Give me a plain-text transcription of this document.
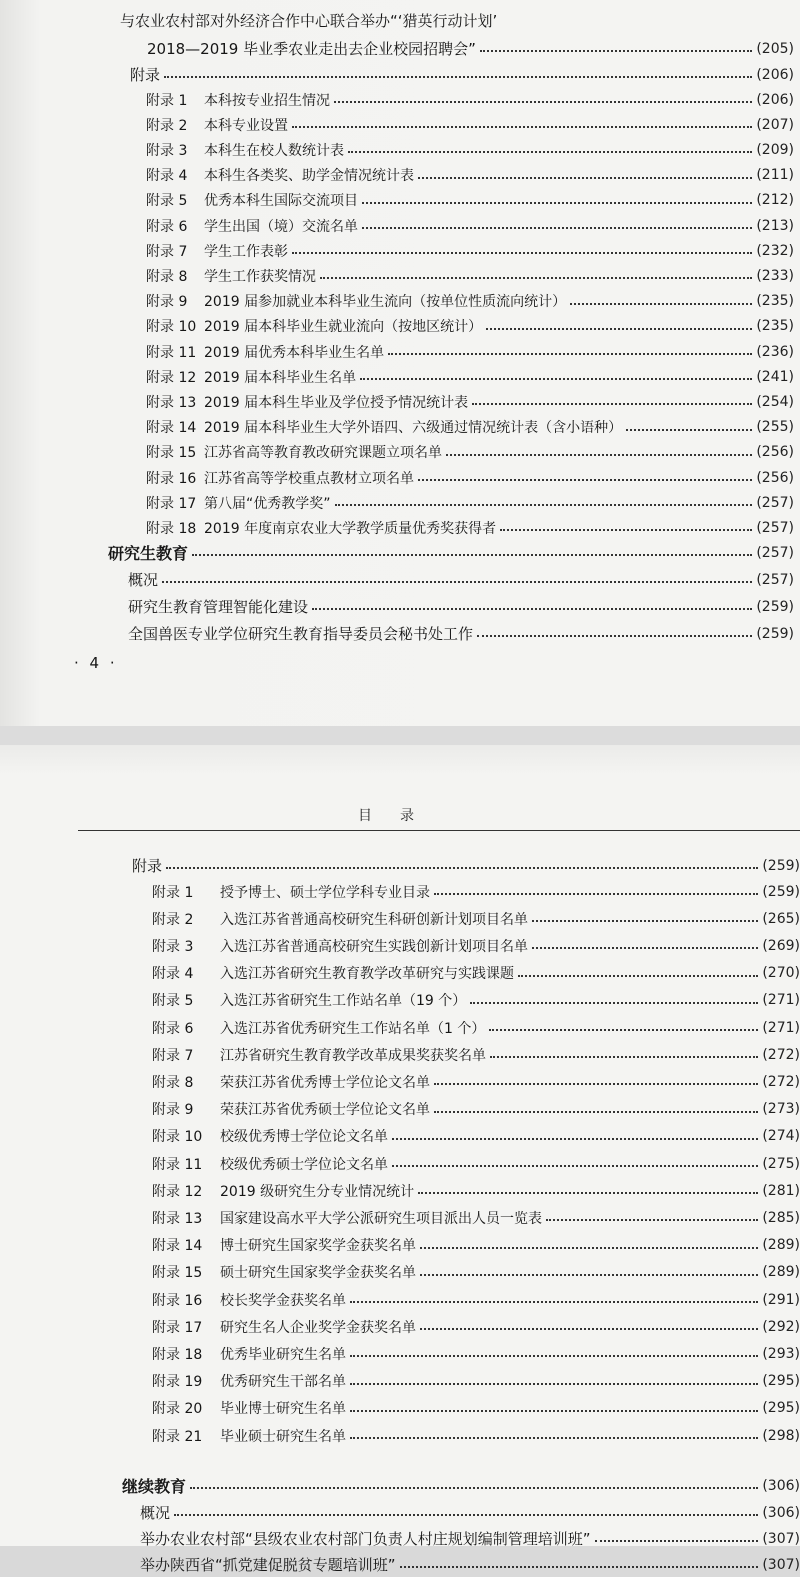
与农业农村部对外经济合作中心联合举办“‘猎英行动计划’
2018—2019 毕业季农业走出去企业校园招聘会”	(205)
附录	(206)
附录 1	本科按专业招生情况	(206)
附录 2	本科专业设置	(207)
附录 3	本科生在校人数统计表	(209)
附录 4	本科生各类奖、助学金情况统计表	(211)
附录 5	优秀本科生国际交流项目	(212)
附录 6	学生出国（境）交流名单	(213)
附录 7	学生工作表彰	(232)
附录 8	学生工作获奖情况	(233)
附录 9	2019 届参加就业本科毕业生流向（按单位性质流向统计）	(235)
附录 10 2019 届本科毕业生就业流向（按地区统计）	(235)
附录 11 2019 届优秀本科毕业生名单	(236)
附录 12 2019 届本科毕业生名单	(241)
附录 13 2019 届本科生毕业及学位授予情况统计表	(254)
附录 14 2019 届本科毕业生大学外语四、六级通过情况统计表（含小语种）	(255)
附录 15 江苏省高等教育教改研究课题立项名单	(256)
附录 16 江苏省高等学校重点教材立项名单	(256)
附录 17 第八届“优秀教学奖”	(257)
附录 18 2019 年度南京农业大学教学质量优秀奖获得者	(257)
研究生教育	(257)
概况	(257)
研究生教育管理智能化建设	(259)
全国兽医专业学位研究生教育指导委员会秘书处工作	(259)
· 4 ·
目录
附录	(259)
附录 1	授予博士、硕士学位学科专业目录	(259)
附录 2	入选江苏省普通高校研究生科研创新计划项目名单	(265)
附录 3	入选江苏省普通高校研究生实践创新计划项目名单	(269)
附录 4	入选江苏省研究生教育教学改革研究与实践课题	(270)
附录 5	入选江苏省研究生工作站名单（19 个）	(271)
附录 6	入选江苏省优秀研究生工作站名单（1 个）	(271)
附录 7	江苏省研究生教育教学改革成果奖获奖名单	(272)
附录 8	荣获江苏省优秀博士学位论文名单	(272)
附录 9	荣获江苏省优秀硕士学位论文名单	(273)
附录 10	校级优秀博士学位论文名单	(274)
附录 11	校级优秀硕士学位论文名单	(275)
附录 12	2019 级研究生分专业情况统计	(281)
附录 13	国家建设高水平大学公派研究生项目派出人员一览表	(285)
附录 14	博士研究生国家奖学金获奖名单	(289)
附录 15	硕士研究生国家奖学金获奖名单	(289)
附录 16	校长奖学金获奖名单	(291)
附录 17	研究生名人企业奖学金获奖名单	(292)
附录 18	优秀毕业研究生名单	(293)
附录 19	优秀研究生干部名单	(295)
附录 20	毕业博士研究生名单	(295)
附录 21	毕业硕士研究生名单	(298)
继续教育	(306)
概况	(306)
举办农业农村部“县级农业农村部门负责人村庄规划编制管理培训班”	(307)
举办陕西省“抓党建促脱贫专题培训班”	(307)
